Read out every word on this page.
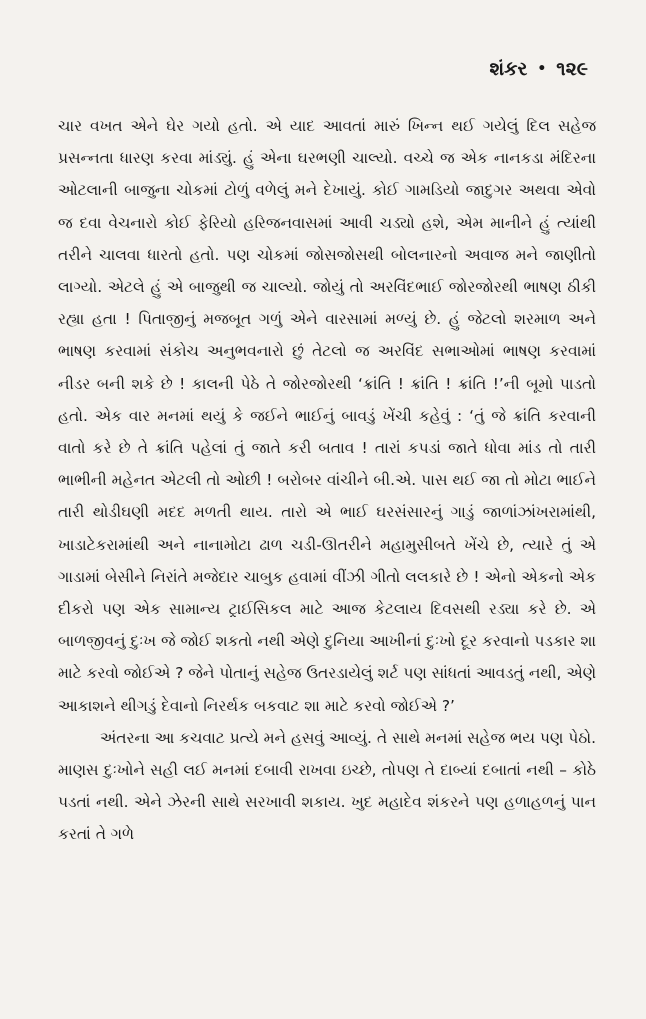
શંકર • ૧૨૯

ચાર વખત એને ઘેર ગયો હતો. એ યાદ આવતાં મારું ખિન્ન થઈ ગયેલું દિલ સહેજ પ્રસન્નતા ધારણ કરવા માંડ્યું. હું એના ઘરભણી ચાલ્યો. વચ્ચે જ એક નાનકડા મંદિરના ઓટલાની બાજુના ચોકમાં ટોળું વળેલું મને દેખાયું. કોઈ ગામડિયો જાદુગર અથવા એવો જ દવા વેચનારો કોઈ ફેરિયો હરિજનવાસમાં આવી ચડ્યો હશે, એમ માનીને હું ત્યાંથી તરીને ચાલવા ધારતો હતો. પણ ચોકમાં જોસજોસથી બોલનારનો અવાજ મને જાણીતો લાગ્યો. એટલે હું એ બાજુથી જ ચાલ્યો. જોયું તો અરવિંદભાઈ જોરજોરથી ભાષણ ઠીકી રહ્યા હતા ! પિતાજીનું મજબૂત ગળું એને વારસામાં મળ્યું છે. હું જેટલો શરમાળ અને ભાષણ કરવામાં સંકોચ અનુભવનારો છું તેટલો જ અરવિંદ સભાઓમાં ભાષણ કરવામાં નીડર બની શકે છે ! કાલની પેઠે તે જોરજોરથી ‘ક્રાંતિ ! ક્રાંતિ ! ક્રાંતિ !’ની બૂમો પાડતો હતો. એક વાર મનમાં થયું કે જઈને ભાઈનું બાવડું ખેંચી કહેવું : ‘તું જે ક્રાંતિ કરવાની વાતો કરે છે તે ક્રાંતિ પહેલાં તું જાતે કરી બતાવ ! તારાં કપડાં જાતે ધોવા માંડ તો તારી ભાભીની મહેનત એટલી તો ઓછી ! બરોબર વાંચીને બી.એ. પાસ થઈ જા તો મોટા ભાઈને તારી થોડીઘણી મદદ મળતી થાય. તારો એ ભાઈ ઘરસંસારનું ગાડું જાળાંઝાંખરામાંથી, ખાડાટેકરામાંથી અને નાનામોટા ઢાળ ચડી-ઊતરીને મહામુસીબતે ખેંચે છે, ત્યારે તું એ ગાડામાં બેસીને નિરાંતે મજેદાર ચાબુક હવામાં વીંઝી ગીતો લલકારે છે ! એનો એકનો એક દીકરો પણ એક સામાન્ય ટ્રાઈસિકલ માટે આજ કેટલાય દિવસથી રડ્યા કરે છે. એ બાળજીવનું દુઃખ જે જોઈ શકતો નથી એણે દુનિયા આખીનાં દુઃખો દૂર કરવાનો પડકાર શા માટે કરવો જોઈએ ? જેને પોતાનું સહેજ ઉતરડાયેલું શર્ટ પણ સાંધતાં આવડતું નથી, એણે આકાશને થીગડું દેવાનો નિરર્થક બકવાટ શા માટે કરવો જોઈએ ?’

અંતરના આ કચવાટ પ્રત્યે મને હસવું આવ્યું. તે સાથે મનમાં સહેજ ભય પણ પેઠો. માણસ દુઃખોને સહી લઈ મનમાં દબાવી રાખવા ઇચ્છે, તોપણ તે દાબ્યાં દબાતાં નથી – કોઠે પડતાં નથી. એને ઝેરની સાથે સરખાવી શકાય. ખુદ મહાદેવ શંકરને પણ હળાહળનું પાન કરતાં તે ગળે
